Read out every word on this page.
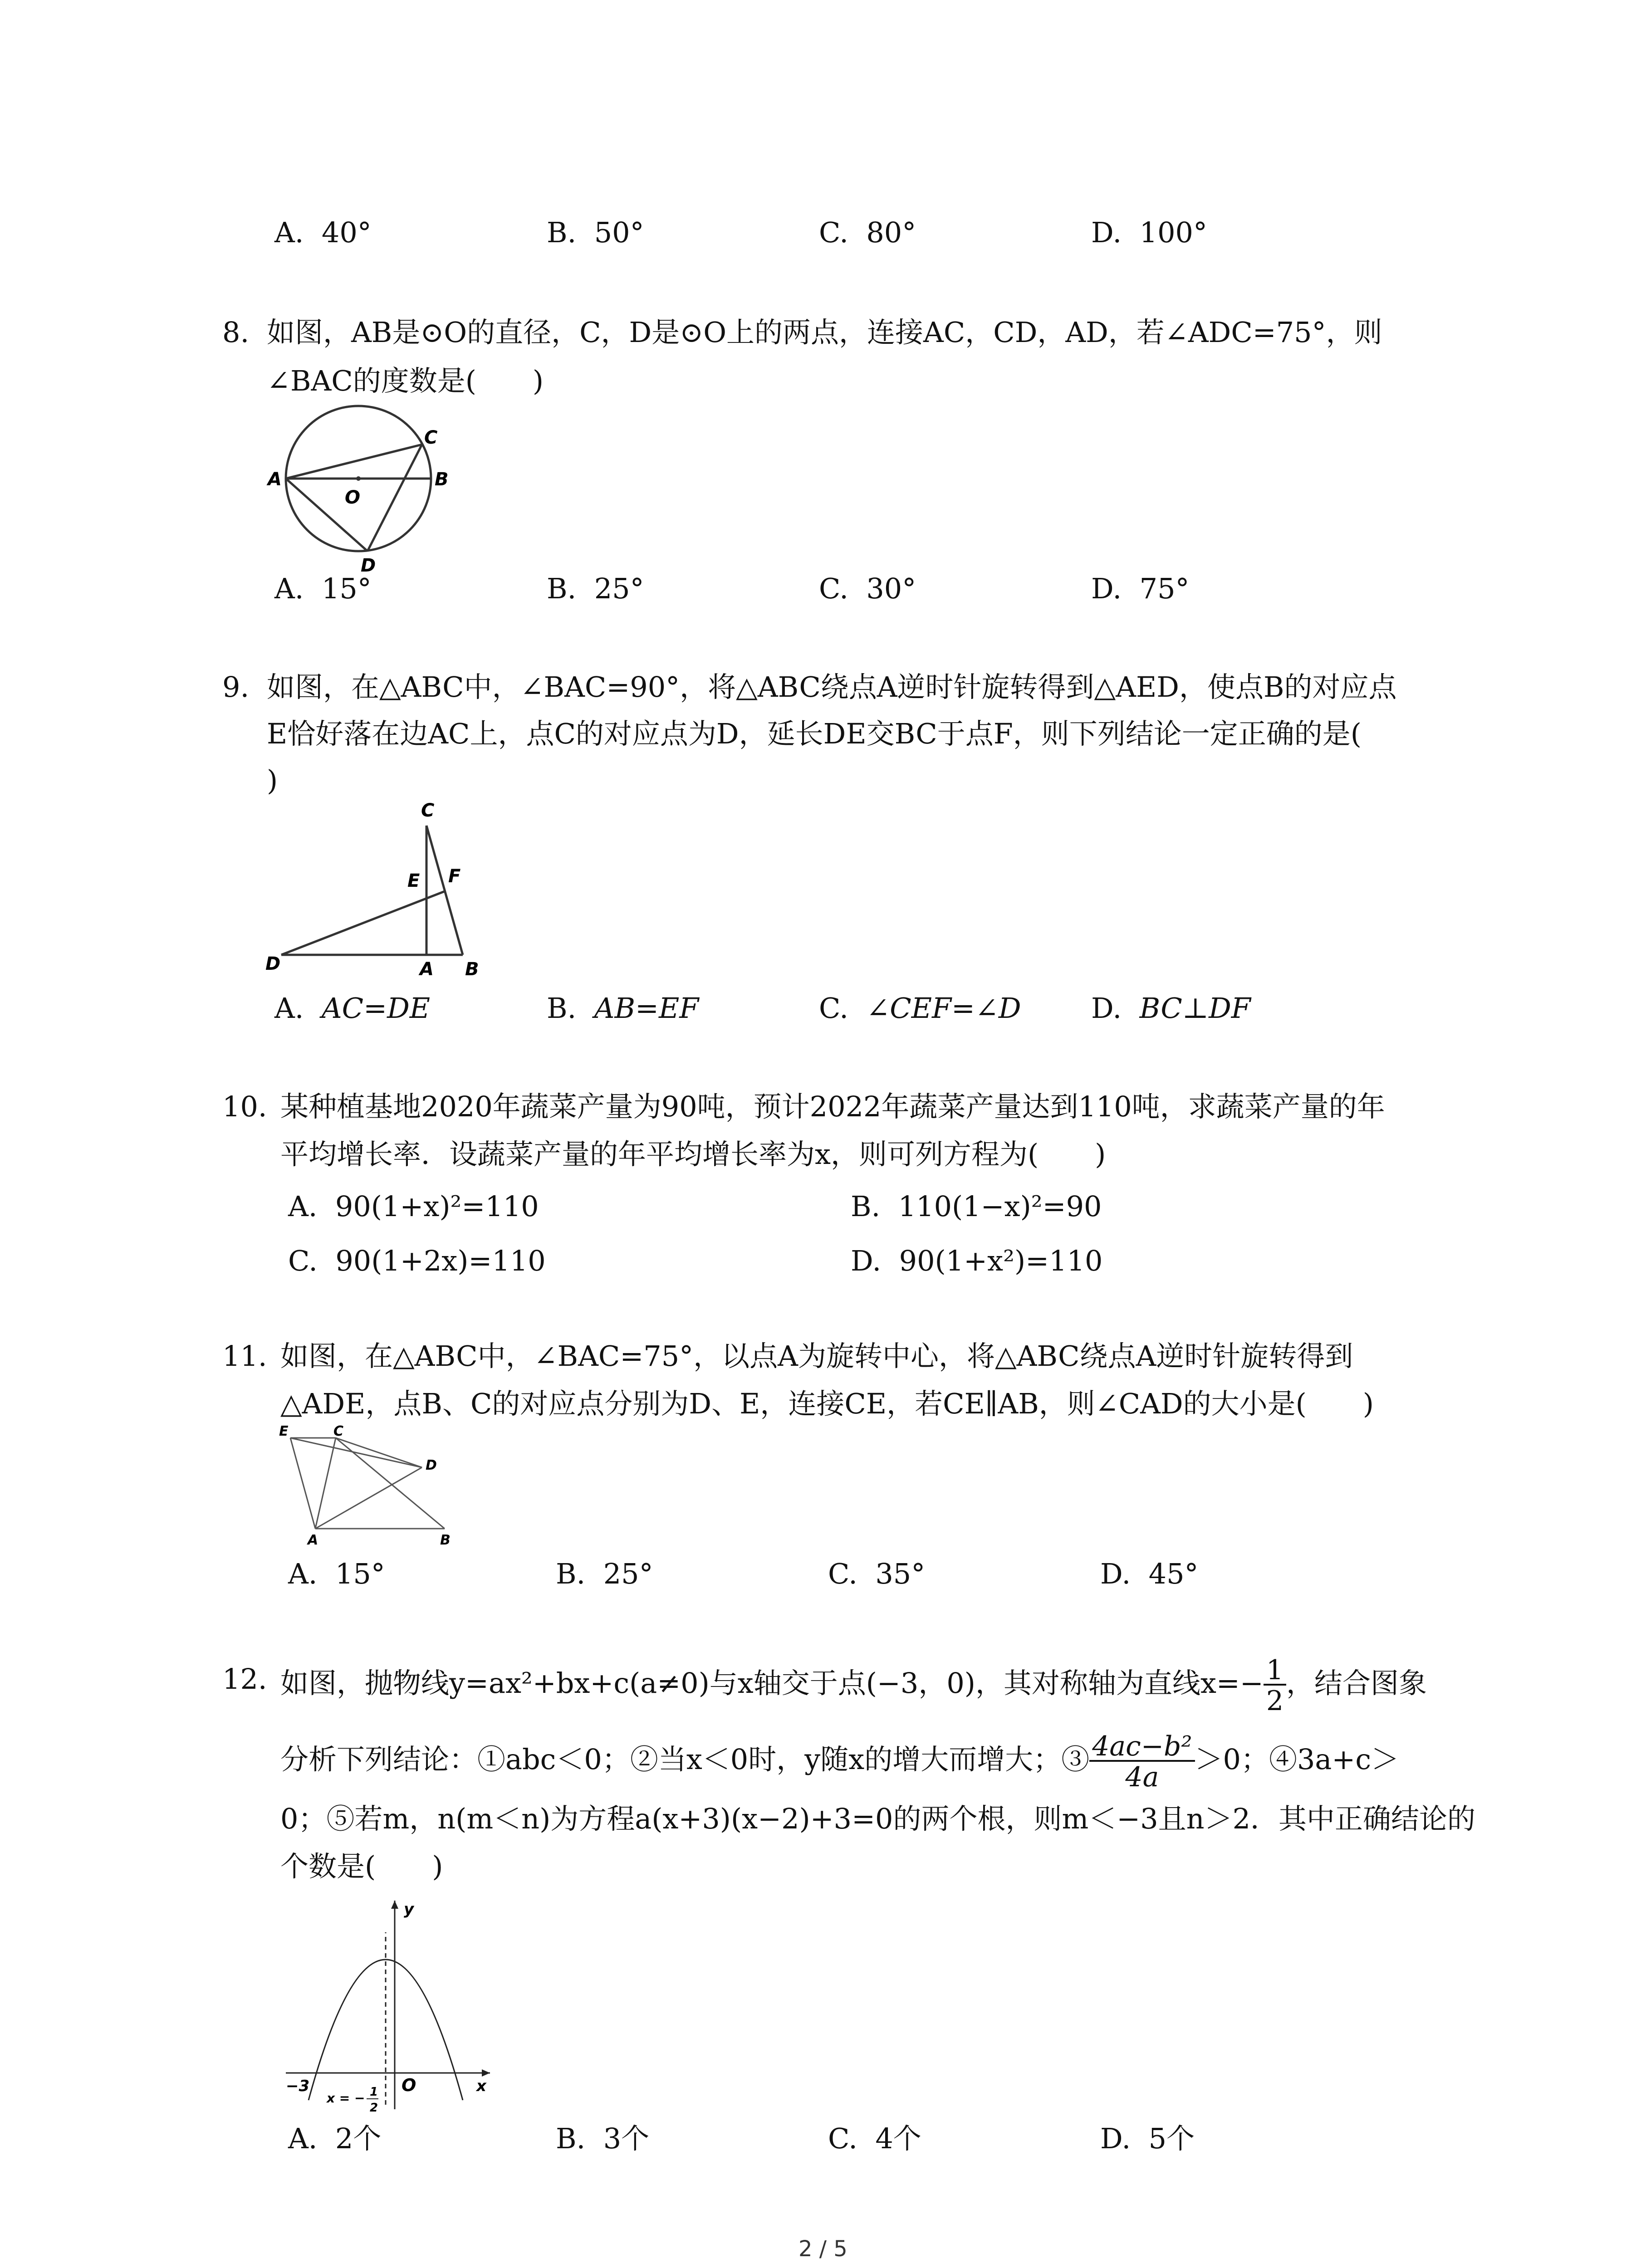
A. 40°	B. 50°	C. 80°	D. 100°
8. 如图，AB是⊙O的直径，C，D是⊙O上的两点，连接AC，CD，AD，若∠ADC=75°，则
∠BAC的度数是(　　)
A	B
C
D
O
A. 15°	B. 25°	C. 30°	D. 75°
9. 如图，在△ABC中，∠BAC=90°，将△ABC绕点A逆时针旋转得到△AED，使点B的对应点
E恰好落在边AC上，点C的对应点为D，延长DE交BC于点F，则下列结论一定正确的是(
)
C
E F
D	A B
A. AC=DE	B. AB=EF	C. ∠CEF=∠D D. BC⊥DF
10. 某种植基地2020年蔬菜产量为90吨，预计2022年蔬菜产量达到110吨，求蔬菜产量的年
平均增长率．设蔬菜产量的年平均增长率为x，则可列方程为(　　)
A. 90(1+x)²=110	B. 110(1−x)²=90
C. 90(1+2x)=110	D. 90(1+x²)=110
11. 如图，在△ABC中，∠BAC=75°，以点A为旋转中心，将△ABC绕点A逆时针旋转得到
△ADE，点B、C的对应点分别为D、E，连接CE，若CE∥AB，则∠CAD的大小是(　　)
E	C
D
A	B
A. 15°	B. 25°	C. 35°	D. 45°
12. 如图，抛物线y=ax²+bx+c(a≠0)与x轴交于点(−3，0)，其对称轴为直线$x=- \frac{1}{2}$ ，结合图象
分析下列结论：①abc＜0；②当x＜0时，y随x的增大而增大；③ $\frac{\text{4ac−b²}}{4a} >0$；④3a+c＞
0；⑤若m，n(m＜n)为方程a(x+3)(x−2)+3=0的两个根，则m＜−3且n＞2．其中正确结论的
个数是(　　)
y
x
O
−3
x = − 1
2
A. 2个	B. 3个	C. 4个	D. 5个
2 / 5
